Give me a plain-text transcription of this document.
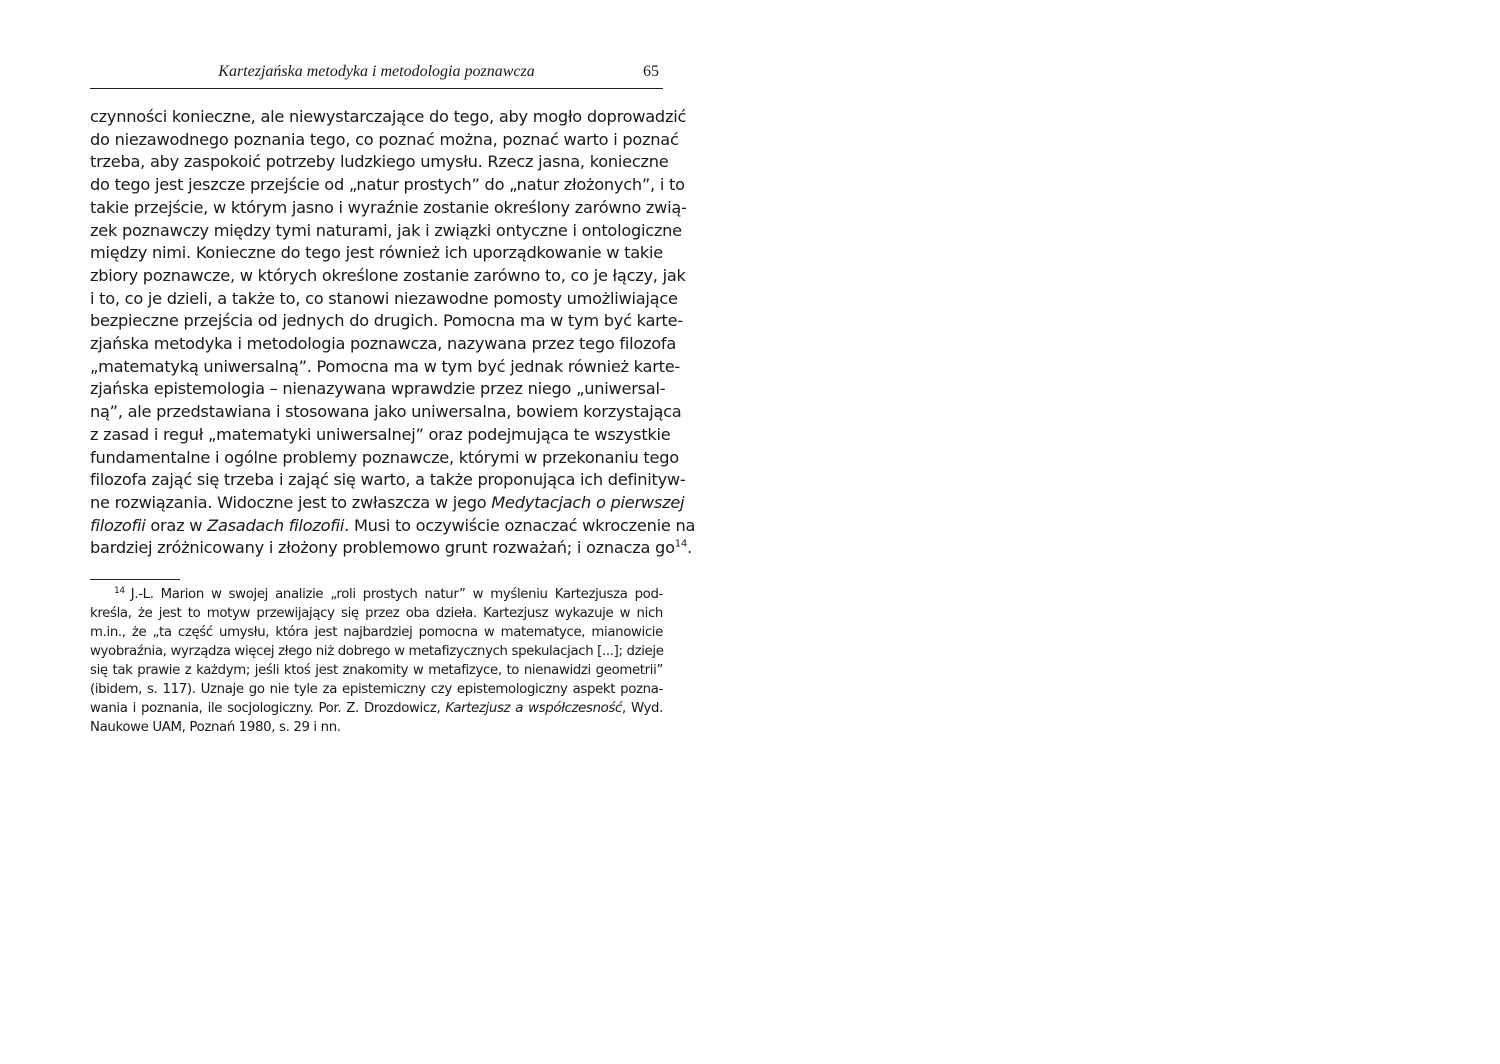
Kartezjańska metodyka i metodologia poznawcza	65
czynności konieczne, ale niewystarczające do tego, aby mogło doprowadzić
do niezawodnego poznania tego, co poznać można, poznać warto i poznać
trzeba, aby zaspokoić potrzeby ludzkiego umysłu. Rzecz jasna, konieczne
do tego jest jeszcze przejście od „natur prostych” do „natur złożonych”, i to
takie przejście, w którym jasno i wyraźnie zostanie określony zarówno zwią-
zek poznawczy między tymi naturami, jak i związki ontyczne i ontologiczne
między nimi. Konieczne do tego jest również ich uporządkowanie w takie
zbiory poznawcze, w których określone zostanie zarówno to, co je łączy, jak
i to, co je dzieli, a także to, co stanowi niezawodne pomosty umożliwiające
bezpieczne przejścia od jednych do drugich. Pomocna ma w tym być karte-
zjańska metodyka i metodologia poznawcza, nazywana przez tego filozofa
„matematyką uniwersalną”. Pomocna ma w tym być jednak również karte-
zjańska epistemologia – nienazywana wprawdzie przez niego „uniwersal-
ną”, ale przedstawiana i stosowana jako uniwersalna, bowiem korzystająca
z zasad i reguł „matematyki uniwersalnej” oraz podejmująca te wszystkie
fundamentalne i ogólne problemy poznawcze, którymi w przekonaniu tego
filozofa zająć się trzeba i zająć się warto, a także proponująca ich definityw-
ne rozwiązania. Widoczne jest to zwłaszcza w jego Medytacjach o pierwszej
filozofii oraz w Zasadach filozofii. Musi to oczywiście oznaczać wkroczenie na
bardziej zróżnicowany i złożony problemowo grunt rozważań; i oznacza $go^{14}$.
$^{14}$ J.-L. Marion w swojej analizie „roli prostych natur” w myśleniu Kartezjusza pod-
kreśla, że jest to motyw przewijający się przez oba dzieła. Kartezjusz wykazuje w nich
m.in., że „ta część umysłu, która jest najbardziej pomocna w matematyce, mianowicie
wyobraźnia, wyrządza więcej złego niż dobrego w metafizycznych spekulacjach [...]; dzieje
się tak prawie z każdym; jeśli ktoś jest znakomity w metafizyce, to nienawidzi geometrii”
(ibidem, s. 117). Uznaje go nie tyle za epistemiczny czy epistemologiczny aspekt pozna-
wania i poznania, ile socjologiczny. Por. Z. Drozdowicz, Kartezjusz a współczesność, Wyd.
Naukowe UAM, Poznań 1980, s. 29 i nn.
